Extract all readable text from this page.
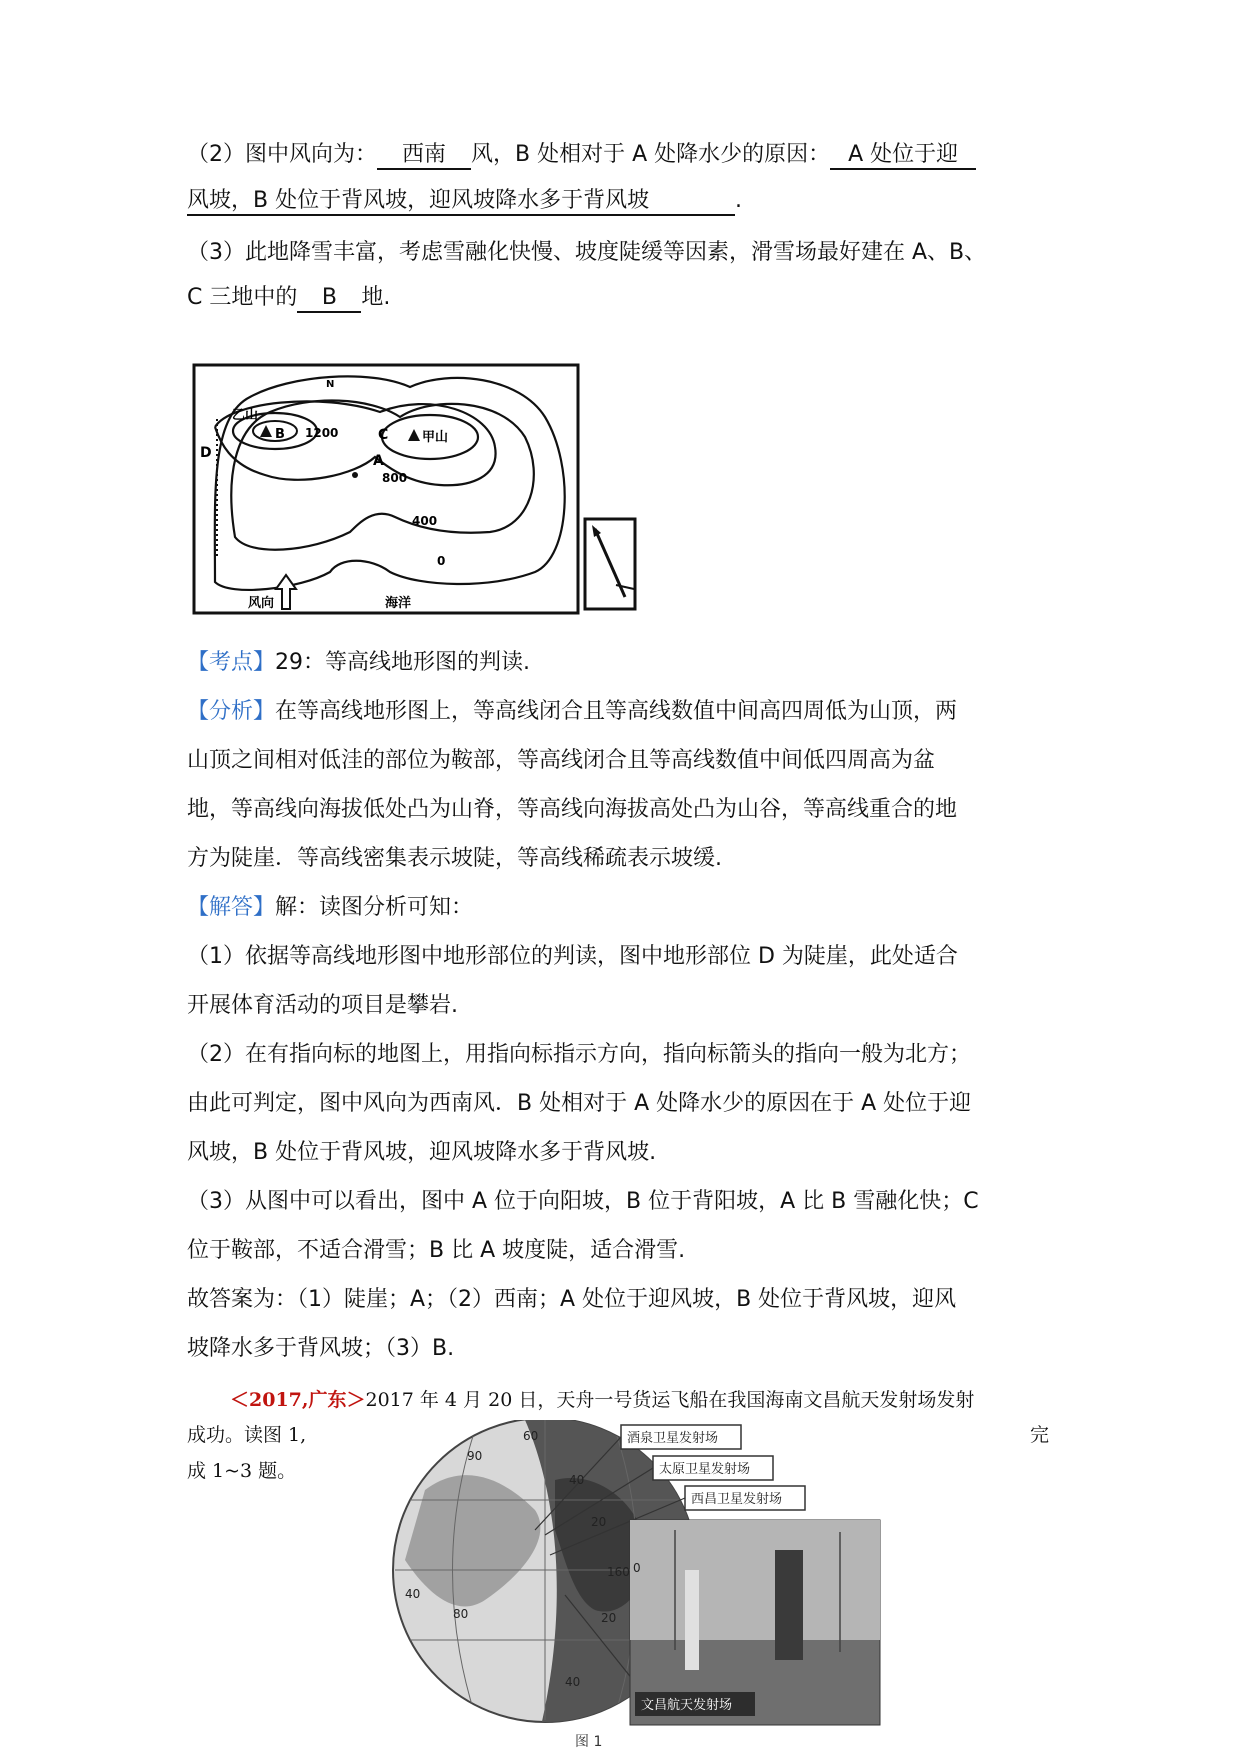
（2）图中风向为： 西南 风，B 处相对于 A 处降水少的原因： A 处位于迎
风坡，B 处位于背风坡，迎风坡降水多于背风坡	.
（3）此地降雪丰富，考虑雪融化快慢、坡度陡缓等因素，滑雪场最好建在 A、B、
C 三地中的 B 地.
乙山
甲山
B	C
D	A
1200
800
400
0
N
风向	海洋
【考点】29：等高线地形图的判读.
【分析】在等高线地形图上，等高线闭合且等高线数值中间高四周低为山顶，两
山顶之间相对低洼的部位为鞍部，等高线闭合且等高线数值中间低四周高为盆
地，等高线向海拔低处凸为山脊，等高线向海拔高处凸为山谷，等高线重合的地
方为陡崖．等高线密集表示坡陡，等高线稀疏表示坡缓.
【解答】解：读图分析可知：
（1）依据等高线地形图中地形部位的判读，图中地形部位 D 为陡崖，此处适合
开展体育活动的项目是攀岩.
（2）在有指向标的地图上，用指向标指示方向，指向标箭头的指向一般为北方；
由此可判定，图中风向为西南风．B 处相对于 A 处降水少的原因在于 A 处位于迎
风坡，B 处位于背风坡，迎风坡降水多于背风坡.
（3）从图中可以看出，图中 A 位于向阳坡，B 位于背阳坡，A 比 B 雪融化快；C
位于鞍部，不适合滑雪；B 比 A 坡度陡，适合滑雪.
故答案为：（1）陡崖；A；（2）西南；A 处位于迎风坡，B 处位于背风坡，迎风
坡降水多于背风坡；（3）B.
＜2017,广东＞2017 年 4 月 20 日，天舟一号货运飞船在我国海南文昌航天发射场发射
成功。读图 1,	完
成 1~3 题。
酒泉卫星发射场
太原卫星发射场
西昌卫星发射场
文昌航天发射场
60
90
40
20
160 0
20
40
40
80
图 1
